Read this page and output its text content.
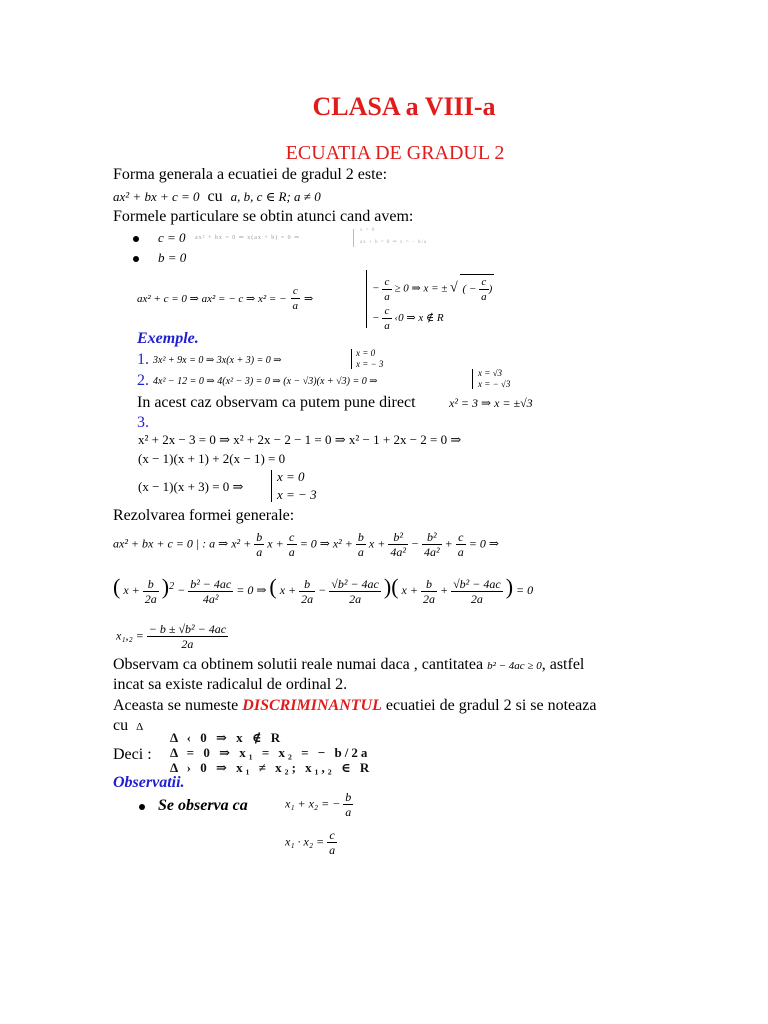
CLASA a VIII-a
ECUATIA DE GRADUL 2
Forma generala a ecuatiei de gradul 2 este:
ax² + bx + c = 0 cu a, b, c ∈ R; a ≠ 0
Formele particulare se obtin atunci cand avem:
c = 0 ax² + bx = 0 ⇒ x(ax + b) = 0 ⇒
x = 0
ax + b = 0 ⇒ x = − b/a
b = 0
ax² + c = 0 ⇒ ax² = − c ⇒ x² = − $\frac{c}{a}$ ⇒
− $\frac{c}{a} \ge 0$ ⇒ x = ± √ ( − $\frac{c}{a}$ )
− $\frac{c}{a}$ ‹0 ⇒ x ∉ R
Exemple.
1. 3x² + 9x = 0 ⇒ 3x(x + 3) = 0 ⇒
x = 0
x = − 3
2. 4x² − 12 = 0 ⇒ 4(x² − 3) = 0 ⇒ (x − √3)(x + √3) = 0 ⇒
x = √3
x = − √3
In acest caz observam ca putem pune direct	x² = 3 ⇒ x = ±√3
3.
x² + 2x − 3 = 0 ⇒ x² + 2x − 2 − 1 = 0 ⇒ x² − 1 + 2x − 2 = 0 ⇒
(x − 1)(x + 1) + 2(x − 1) = 0
(x − 1)(x + 3) = 0 ⇒
x = 0
x = − 3
Rezolvarea formei generale:
ax² + bx + c = 0 | : a ⇒ $x^2 + \frac{b}{a}$ $x + \frac{c}{a} = 0$ ⇒ $x^2 + \frac{b}{a}$ $x + \frac{\text{b²}}{\text{4a²}} - \frac{\text{b²}}{\text{4a²}} + \frac{c}{a} = 0$ ⇒
( $x + \frac{b}{2a} )^2 - \frac{\text{b² − 4ac}}{\text{4a²}} = 0$ ⇒ ( $x + \frac{b}{2a} - \frac{\text{√b² − 4ac}}{2a}$ )( $x + \frac{b}{2a} + \frac{\text{√b² − 4ac}}{2a}$ ) = 0
$x_1,_2 = \frac{\text{− b ± √b² − 4ac}}{2a}$
Observam ca obtinem solutii reale numai daca , cantitatea b² − 4ac ≥ 0, astfel
incat sa existe radicalul de ordinal 2.
Aceasta se numeste DISCRIMINANTUL ecuatiei de gradul 2 si se noteaza
cu Δ
Deci :
Δ ‹ 0 ⇒ x ∉ R
Δ = 0 ⇒ x₁ = x₂ = − b/2a
Δ › 0 ⇒ x₁ ≠ x₂; x₁,₂ ∈ R
Observatii.
Se observa ca	x₁ + x₂ = − $\frac{b}{a}$
$x_1 \cdot x_2 = \frac{c}{a}$
